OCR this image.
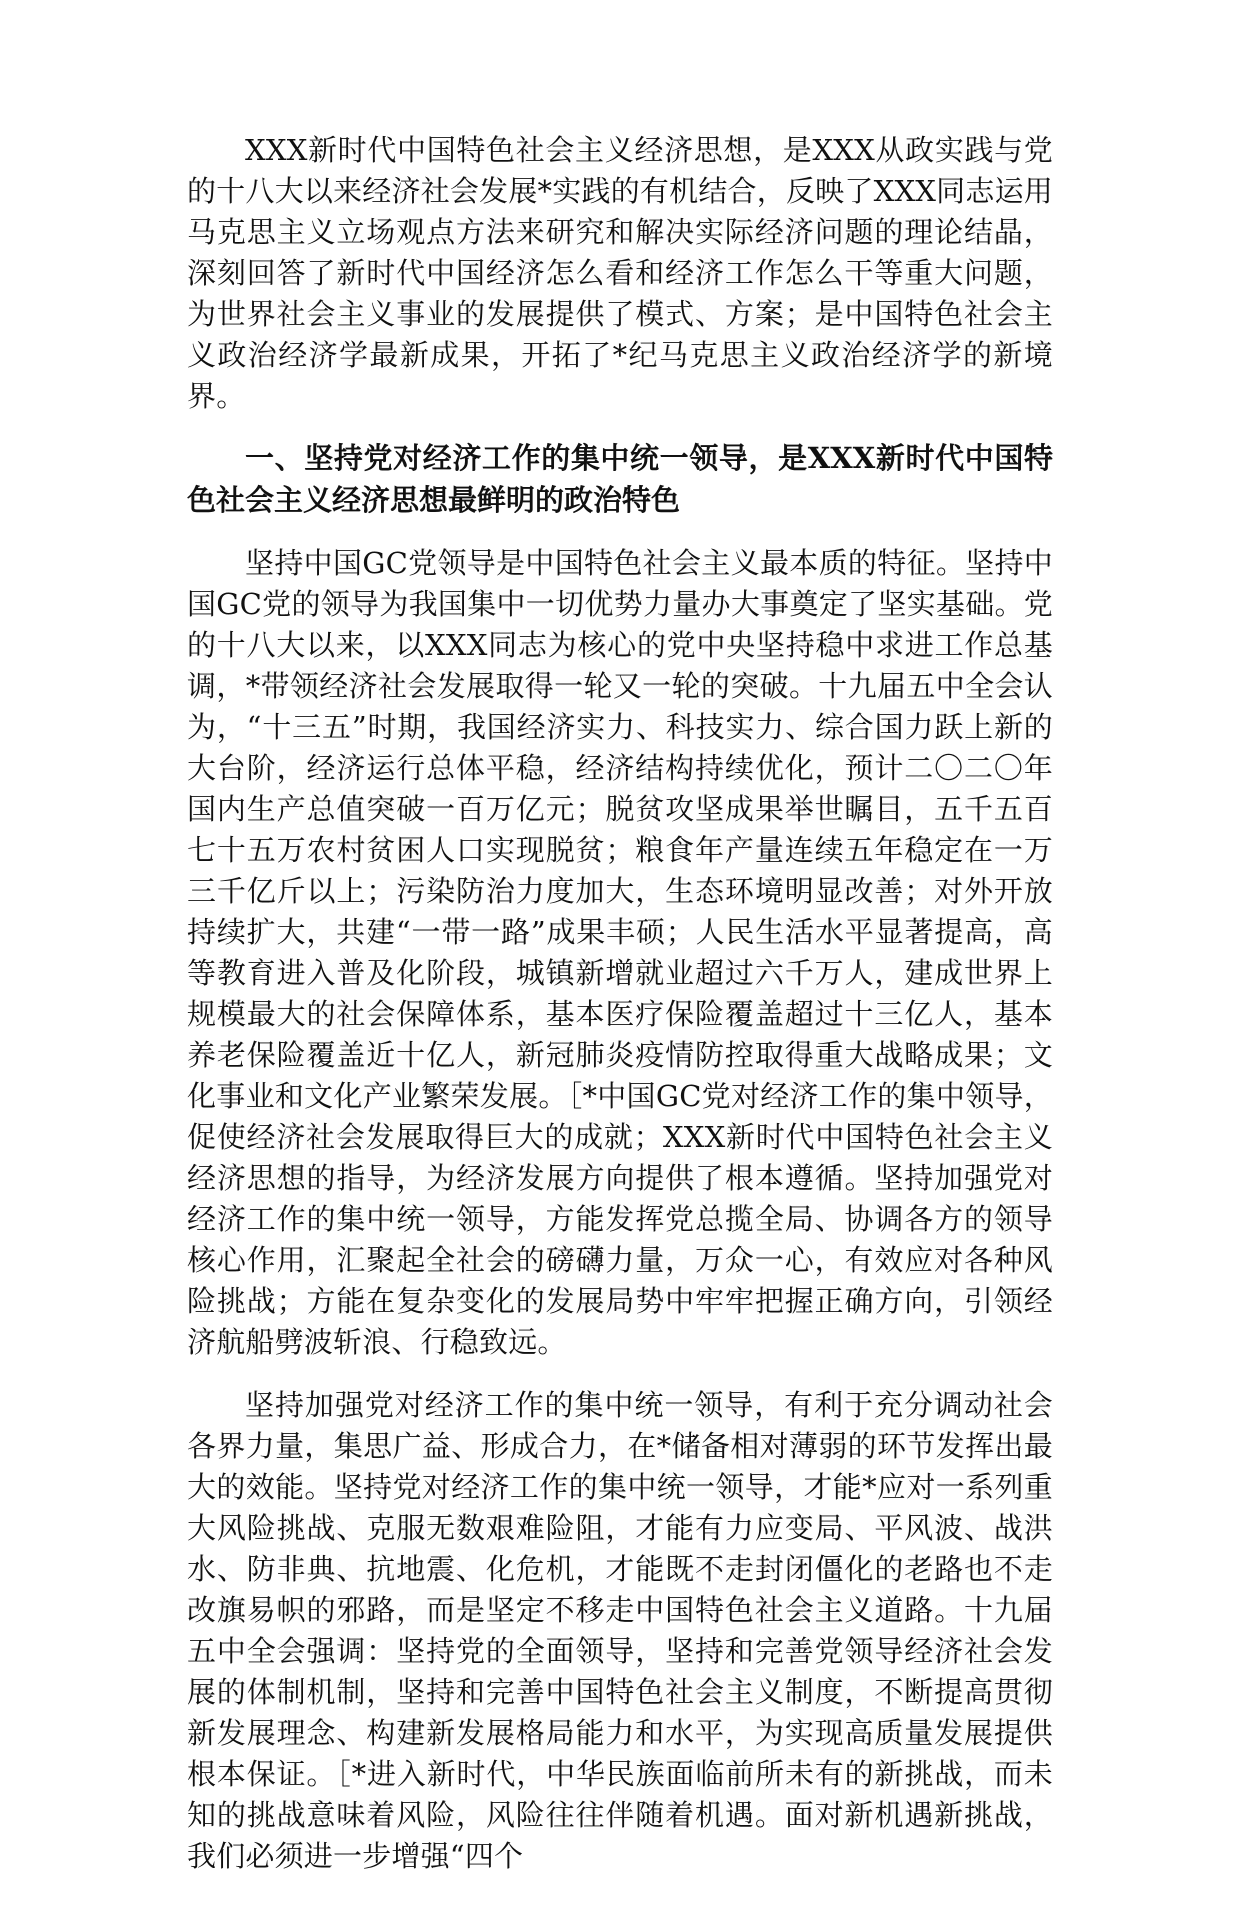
XXX新时代中国特色社会主义经济思想，是XXX从政实践与党的十八大以来经济社会发展*实践的有机结合，反映了XXX同志运用马克思主义立场观点方法来研究和解决实际经济问题的理论结晶，深刻回答了新时代中国经济怎么看和经济工作怎么干等重大问题，为世界社会主义事业的发展提供了模式、方案；是中国特色社会主义政治经济学最新成果，开拓了*纪马克思主义政治经济学的新境界。

一、坚持党对经济工作的集中统一领导，是XXX新时代中国特色社会主义经济思想最鲜明的政治特色

坚持中国GC党领导是中国特色社会主义最本质的特征。坚持中国GC党的领导为我国集中一切优势力量办大事奠定了坚实基础。党的十八大以来，以XXX同志为核心的党中央坚持稳中求进工作总基调，*带领经济社会发展取得一轮又一轮的突破。十九届五中全会认为，“十三五”时期，我国经济实力、科技实力、综合国力跃上新的大台阶，经济运行总体平稳，经济结构持续优化，预计二〇二〇年国内生产总值突破一百万亿元；脱贫攻坚成果举世瞩目，五千五百七十五万农村贫困人口实现脱贫；粮食年产量连续五年稳定在一万三千亿斤以上；污染防治力度加大，生态环境明显改善；对外开放持续扩大，共建“一带一路”成果丰硕；人民生活水平显著提高，高等教育进入普及化阶段，城镇新增就业超过六千万人，建成世界上规模最大的社会保障体系，基本医疗保险覆盖超过十三亿人，基本养老保险覆盖近十亿人，新冠肺炎疫情防控取得重大战略成果；文化事业和文化产业繁荣发展。［*中国GC党对经济工作的集中领导，促使经济社会发展取得巨大的成就；XXX新时代中国特色社会主义经济思想的指导，为经济发展方向提供了根本遵循。坚持加强党对经济工作的集中统一领导，方能发挥党总揽全局、协调各方的领导核心作用，汇聚起全社会的磅礴力量，万众一心，有效应对各种风险挑战；方能在复杂变化的发展局势中牢牢把握正确方向，引领经济航船劈波斩浪、行稳致远。

坚持加强党对经济工作的集中统一领导，有利于充分调动社会各界力量，集思广益、形成合力，在*储备相对薄弱的环节发挥出最大的效能。坚持党对经济工作的集中统一领导，才能*应对一系列重大风险挑战、克服无数艰难险阻，才能有力应变局、平风波、战洪水、防非典、抗地震、化危机，才能既不走封闭僵化的老路也不走改旗易帜的邪路，而是坚定不移走中国特色社会主义道路。十九届五中全会强调：坚持党的全面领导，坚持和完善党领导经济社会发展的体制机制，坚持和完善中国特色社会主义制度，不断提高贯彻新发展理念、构建新发展格局能力和水平，为实现高质量发展提供根本保证。［*进入新时代，中华民族面临前所未有的新挑战，而未知的挑战意味着风险，风险往往伴随着机遇。面对新机遇新挑战，我们必须进一步增强“四个
